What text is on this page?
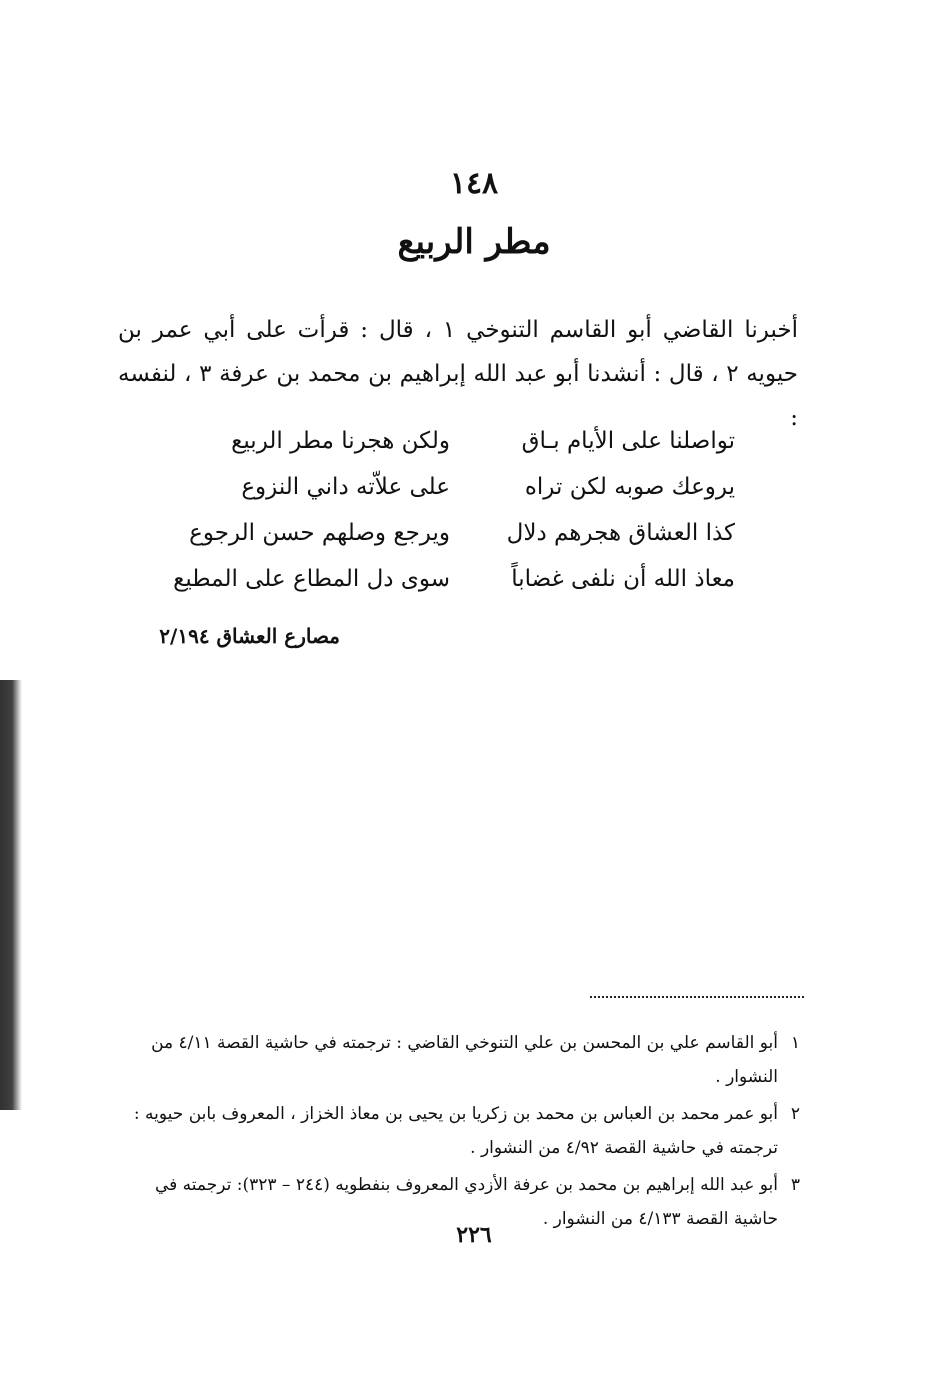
١٤٨
مطر الربيع
أخبرنا القاضي أبو القاسم التنوخي ١ ، قال : قرأت على أبي عمر بن حيويه ٢ ، قال : أنشدنا أبو عبد الله إبراهيم بن محمد بن عرفة ٣ ، لنفسه :
تواصلنا على الأيام بـاق
ولكن هجرنا مطر الربيع
يروعك صوبه لكن تراه
على علاّته داني النزوع
كذا العشاق هجرهم دلال
ويرجع وصلهم حسن الرجوع
معاذ الله أن نلفى غضاباً
سوى دل المطاع على المطيع
مصارع العشاق ٢/١٩٤
١
أبو القاسم علي بن المحسن بن علي التنوخي القاضي : ترجمته في حاشية القصة ٤/١١ من النشوار .
٢
أبو عمر محمد بن العباس بن محمد بن زكريا بن يحيى بن معاذ الخزاز ، المعروف بابن حيويه : ترجمته في حاشية القصة ٤/٩٢ من النشوار .
٣
أبو عبد الله إبراهيم بن محمد بن عرفة الأزدي المعروف بنفطويه (٢٤٤ – ٣٢٣): ترجمته في حاشية القصة ٤/١٣٣ من النشوار .
٢٢٦
